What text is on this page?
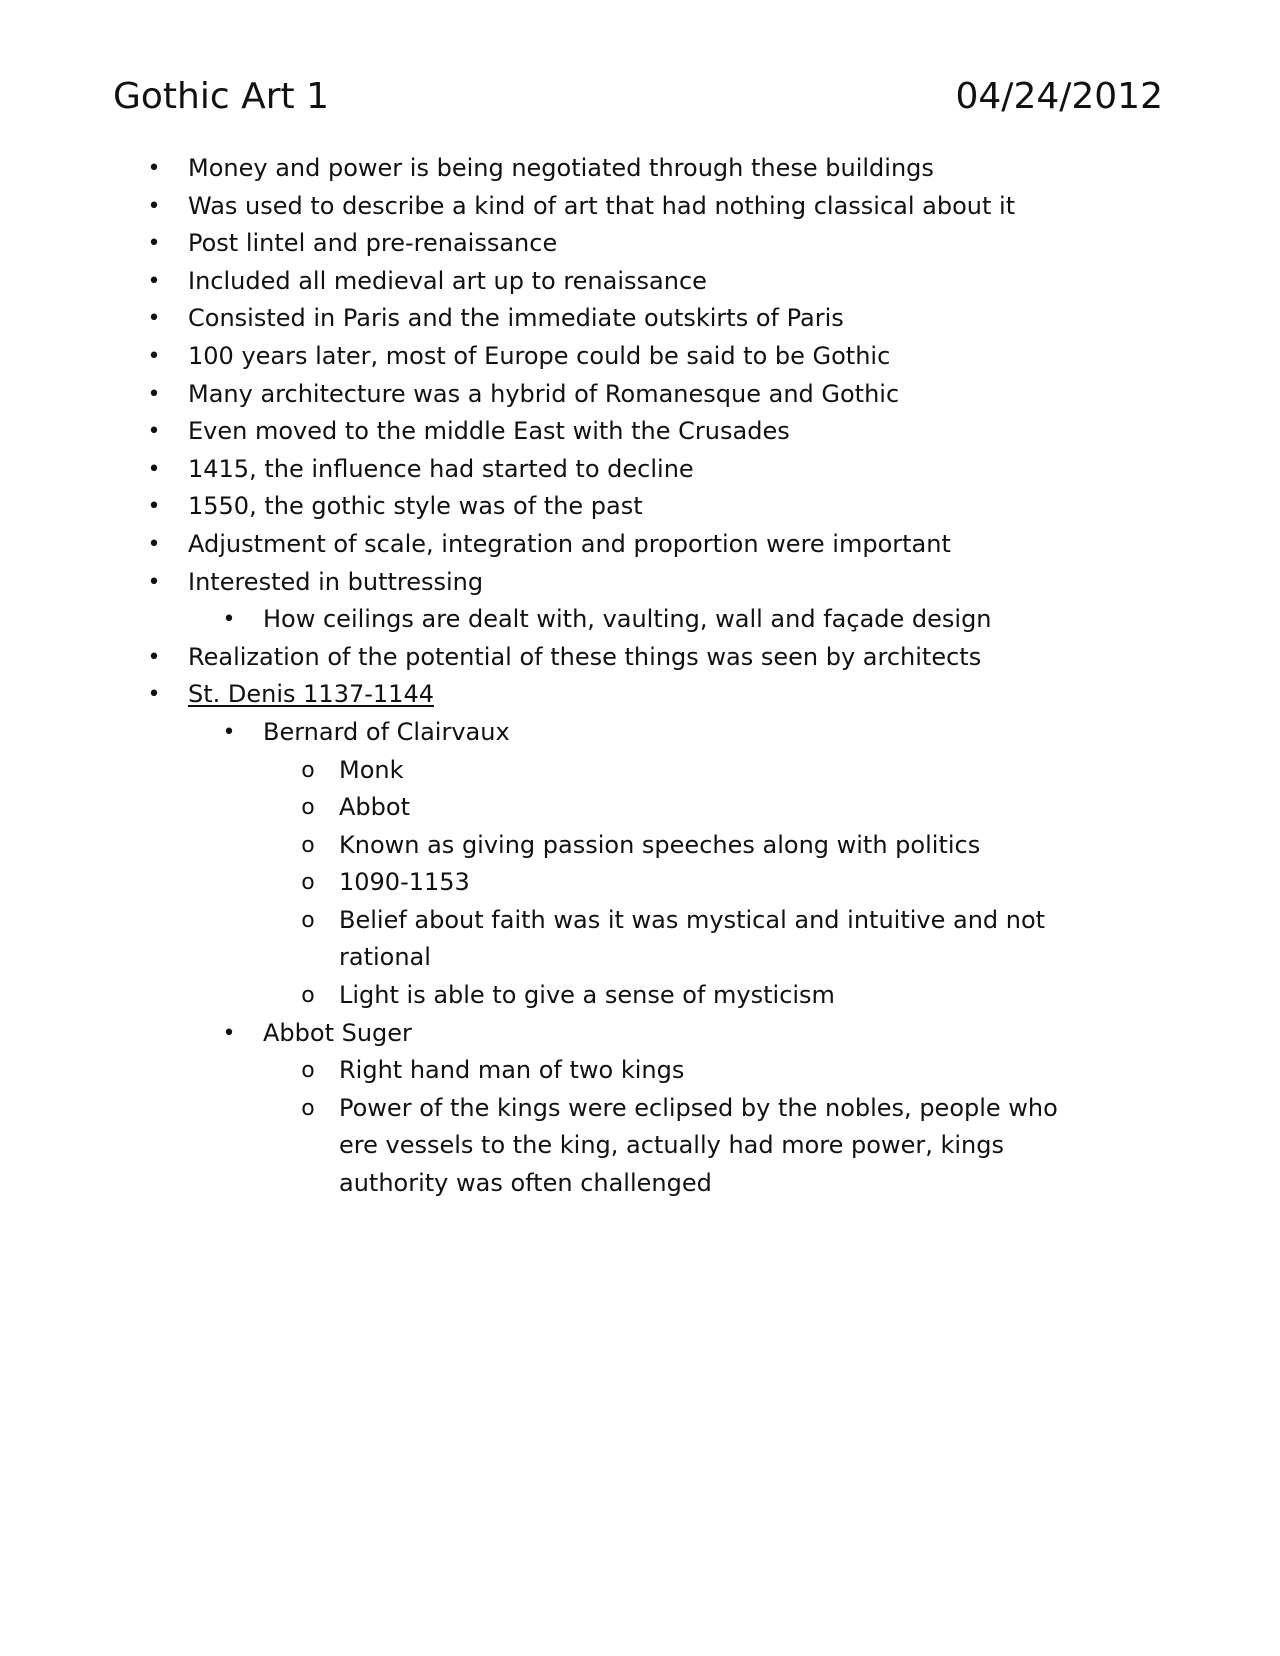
Gothic Art 1	04/24/2012
• Money and power is being negotiated through these buildings
• Was used to describe a kind of art that had nothing classical about it
• Post lintel and pre-renaissance
• Included all medieval art up to renaissance
• Consisted in Paris and the immediate outskirts of Paris
• 100 years later, most of Europe could be said to be Gothic
• Many architecture was a hybrid of Romanesque and Gothic
• Even moved to the middle East with the Crusades
• 1415, the influence had started to decline
• 1550, the gothic style was of the past
• Adjustment of scale, integration and proportion were important
• Interested in buttressing
• How ceilings are dealt with, vaulting, wall and façade design
• Realization of the potential of these things was seen by architects
• St. Denis 1137-1144
• Bernard of Clairvaux
o Monk
o Abbot
o Known as giving passion speeches along with politics
o 1090-1153
o Belief about faith was it was mystical and intuitive and not
rational
o Light is able to give a sense of mysticism
• Abbot Suger
o Right hand man of two kings
o Power of the kings were eclipsed by the nobles, people who
ere vessels to the king, actually had more power, kings
authority was often challenged
